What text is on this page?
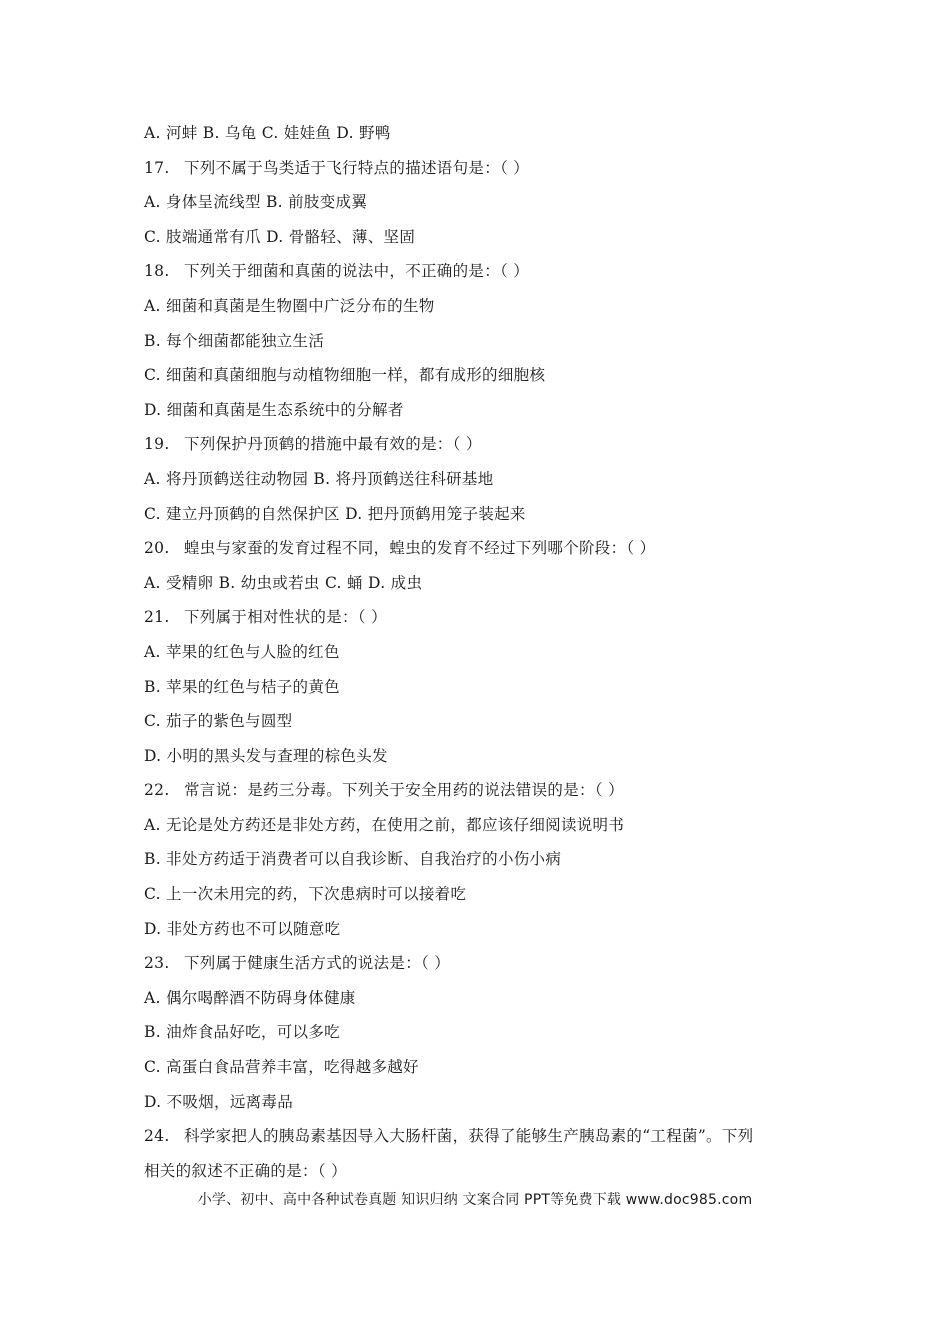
A. 河蚌 B. 乌龟 C. 娃娃鱼 D. 野鸭
17. 下列不属于鸟类适于飞行特点的描述语句是：（ ）
A. 身体呈流线型 B. 前肢变成翼
C. 肢端通常有爪 D. 骨骼轻、薄、坚固
18. 下列关于细菌和真菌的说法中，不正确的是：（ ）
A. 细菌和真菌是生物圈中广泛分布的生物
B. 每个细菌都能独立生活
C. 细菌和真菌细胞与动植物细胞一样，都有成形的细胞核
D. 细菌和真菌是生态系统中的分解者
19. 下列保护丹顶鹤的措施中最有效的是：（ ）
A. 将丹顶鹤送往动物园 B. 将丹顶鹤送往科研基地
C. 建立丹顶鹤的自然保护区 D. 把丹顶鹤用笼子装起来
20. 蝗虫与家蚕的发育过程不同，蝗虫的发育不经过下列哪个阶段：（ ）
A. 受精卵 B. 幼虫或若虫 C. 蛹 D. 成虫
21. 下列属于相对性状的是：（ ）
A. 苹果的红色与人脸的红色
B. 苹果的红色与桔子的黄色
C. 茄子的紫色与圆型
D. 小明的黑头发与查理的棕色头发
22. 常言说：是药三分毒。下列关于安全用药的说法错误的是：（ ）
A. 无论是处方药还是非处方药，在使用之前，都应该仔细阅读说明书
B. 非处方药适于消费者可以自我诊断、自我治疗的小伤小病
C. 上一次未用完的药，下次患病时可以接着吃
D. 非处方药也不可以随意吃
23. 下列属于健康生活方式的说法是：（ ）
A. 偶尔喝醉酒不防碍身体健康
B. 油炸食品好吃，可以多吃
C. 高蛋白食品营养丰富，吃得越多越好
D. 不吸烟，远离毒品
24. 科学家把人的胰岛素基因导入大肠杆菌，获得了能够生产胰岛素的“工程菌”。下列
相关的叙述不正确的是：（ ）
小学、初中、高中各种试卷真题 知识归纳 文案合同 PPT等免费下载 www.doc985.com
